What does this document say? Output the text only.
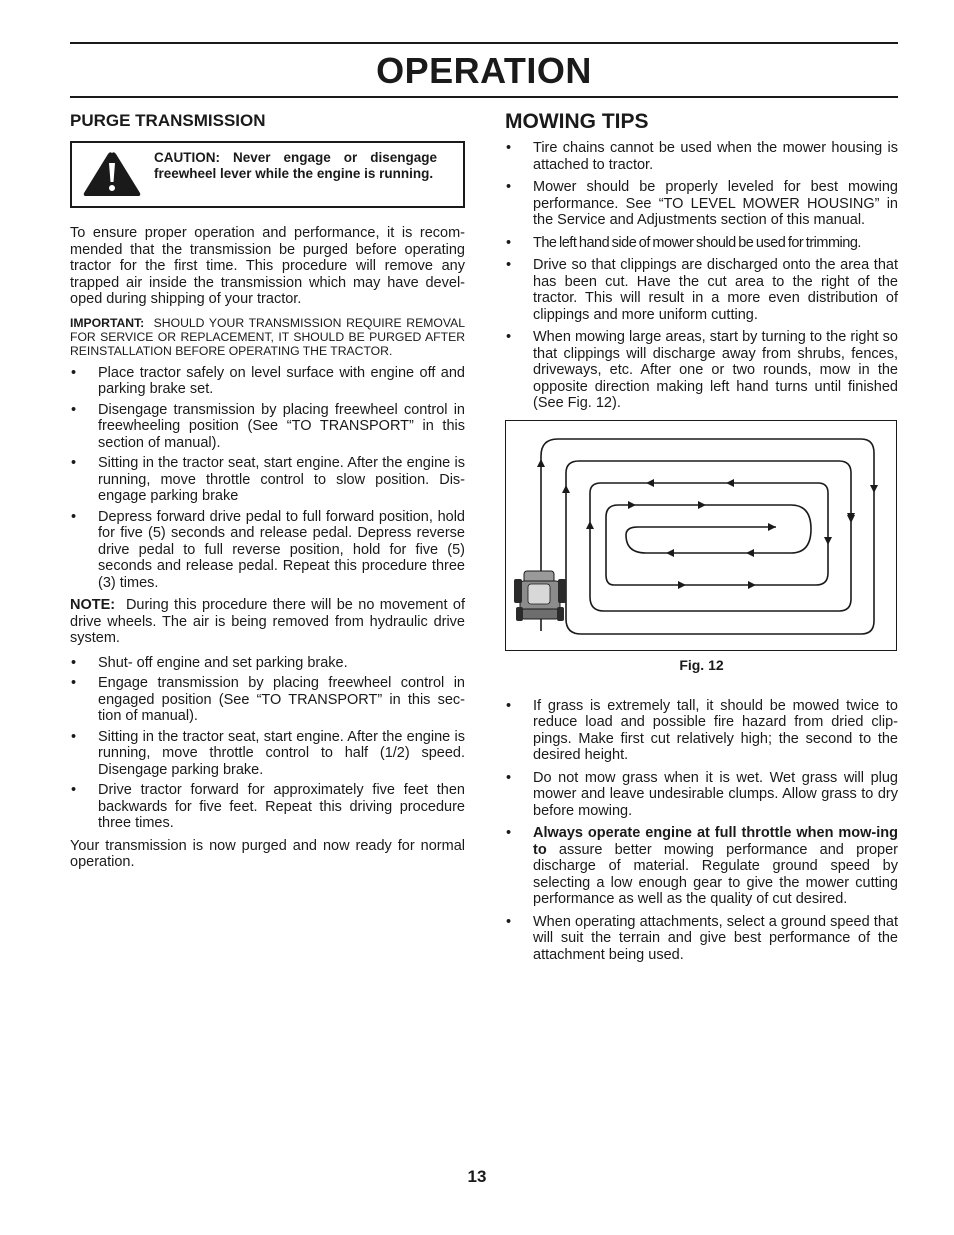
OPERATION
PURGE TRANSMISSION
CAUTION: Never engage or disengage freewheel lever while the engine is running.

To ensure proper operation and performance, it is recom-mended that the transmission be purged before operating tractor for the first time. This procedure will remove any trapped air inside the transmission which may have devel-oped during shipping of your tractor.

IMPORTANT: SHOULD YOUR TRANSMISSION REQUIRE REMOVAL FOR SERVICE OR REPLACEMENT, IT SHOULD BE PURGED AFTER REINSTALLATION BEFORE OPERATING THE TRACTOR.

• Place tractor safely on level surface with engine off and parking brake set.
• Disengage transmission by placing freewheel control in freewheeling position (See “TO TRANSPORT” in this section of manual).
• Sitting in the tractor seat, start engine. After the engine is running, move throttle control to slow position. Dis-engage parking brake
• Depress forward drive pedal to full forward position, hold for five (5) seconds and release pedal. Depress reverse drive pedal to full reverse position, hold for five (5) seconds and release pedal. Repeat this procedure three (3) times.

NOTE: During this procedure there will be no movement of drive wheels. The air is being removed from hydraulic drive system.

• Shut- off engine and set parking brake.
• Engage transmission by placing freewheel control in engaged position (See “TO TRANSPORT” in this sec-tion of manual).
• Sitting in the tractor seat, start engine. After the engine is running, move throttle control to half (1/2) speed. Disengage parking brake.
• Drive tractor forward for approximately five feet then backwards for five feet. Repeat this driving procedure three times.

Your transmission is now purged and now ready for normal operation.

MOWING TIPS
• Tire chains cannot be used when the mower housing is attached to tractor.
• Mower should be properly leveled for best mowing performance. See “TO LEVEL MOWER HOUSING” in the Service and Adjustments section of this manual.
• The left hand side of mower should be used for trimming.
• Drive so that clippings are discharged onto the area that has been cut. Have the cut area to the right of the tractor. This will result in a more even distribution of clippings and more uniform cutting.
• When mowing large areas, start by turning to the right so that clippings will discharge away from shrubs, fences, driveways, etc. After one or two rounds, mow in the opposite direction making left hand turns until finished (See Fig. 12).
Fig. 12
• If grass is extremely tall, it should be mowed twice to reduce load and possible fire hazard from dried clip-pings. Make first cut relatively high; the second to the desired height.
• Do not mow grass when it is wet. Wet grass will plug mower and leave undesirable clumps. Allow grass to dry before mowing.
• Always operate engine at full throttle when mow-ing to assure better mowing performance and proper discharge of material. Regulate ground speed by selecting a low enough gear to give the mower cutting performance as well as the quality of cut desired.
• When operating attachments, select a ground speed that will suit the terrain and give best performance of the attachment being used.
13
